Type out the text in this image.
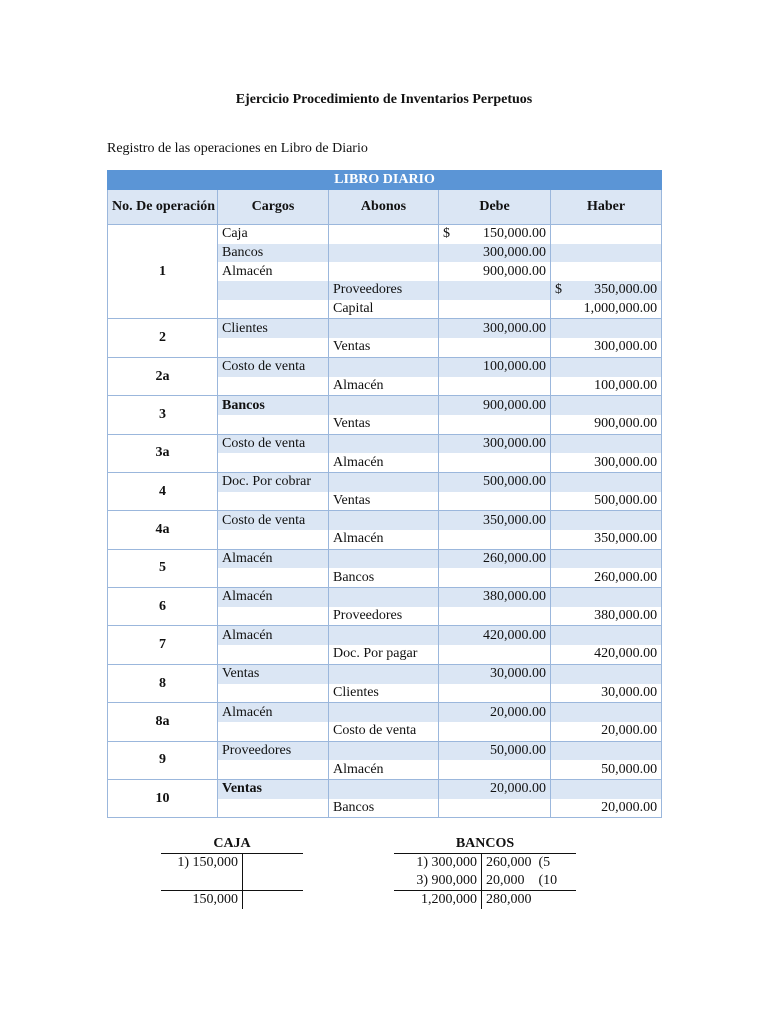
Ejercicio Procedimiento de Inventarios Perpetuos
Registro de las operaciones en Libro de Diario
LIBRO DIARIO				
No. De operación	Cargos	Abonos	Debe	Haber
1	Caja		$ 150,000.00	

	Bancos		300,000.00	
	Almacén		900,000.00	
		Proveedores		$ 350,000.00

		Capital		1,000,000.00
2	Clientes		300,000.00	
		Ventas		300,000.00
2a	Costo de venta		100,000.00	
		Almacén		100,000.00
3	Bancos		900,000.00	
		Ventas		900,000.00
3a	Costo de venta		300,000.00	
		Almacén		300,000.00
4	Doc. Por cobrar		500,000.00	
		Ventas		500,000.00
4a	Costo de venta		350,000.00	
		Almacén		350,000.00
5	Almacén		260,000.00	
		Bancos		260,000.00
6	Almacén		380,000.00	
		Proveedores		380,000.00
7	Almacén		420,000.00	
		Doc. Por pagar		420,000.00
8	Ventas		30,000.00	
		Clientes		30,000.00
8a	Almacén		20,000.00	
		Costo de venta		20,000.00
9	Proveedores		50,000.00	
		Almacén		50,000.00
10	Ventas		20,000.00	
		Bancos		20,000.00
CAJA
1) 150,000
150,000
BANCOS
1) 300,000 260,000  (5
3) 900,000 20,000    (10
1,200,000 280,000
